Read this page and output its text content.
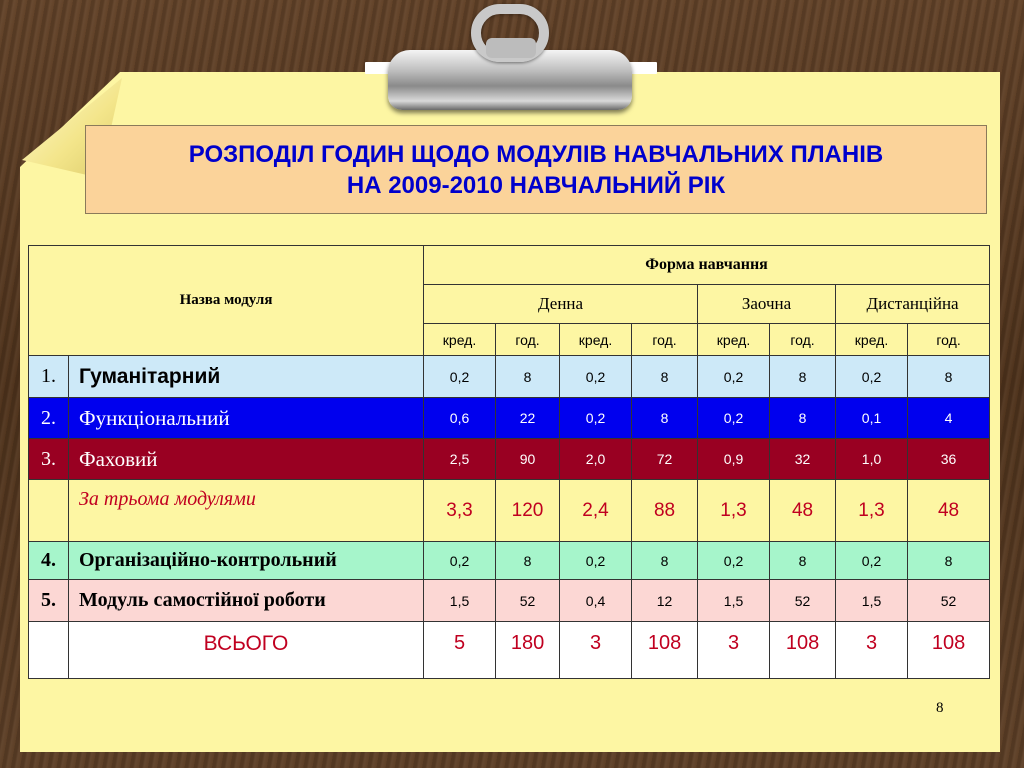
РОЗПОДІЛ ГОДИН ЩОДО МОДУЛІВ НАВЧАЛЬНИХ ПЛАНІВ
НА 2009-2010 НАВЧАЛЬНИЙ РІК
Назва модуля		Форма навчання							
		Денна				Заочна		Дистанційна	
		кред.	год.	кред.	год.	кред.	год.	кред.	год.
1.	Гуманітарний	0,2	8	0,2	8	0,2	8	0,2	8
2.	Функціональний	0,6	22	0,2	8	0,2	8	0,1	4
3.	Фаховий	2,5	90	2,0	72	0,9	32	1,0	36
	За трьома модулями	3,3	120	2,4	88	1,3	48	1,3	48
4.	Організаційно-контрольний	0,2	8	0,2	8	0,2	8	0,2	8
5.	Модуль самостійної роботи	1,5	52	0,4	12	1,5	52	1,5	52
	ВСЬОГО	5	180	3	108	3	108	3	108
8
